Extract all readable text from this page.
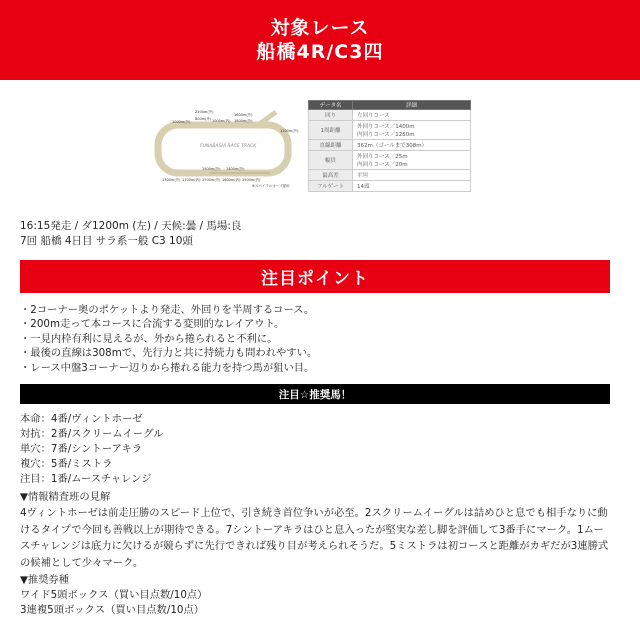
対象レース
船橋4R/C3四
FUNABASHI RACE TRACK
2200m(外)
1000m(外)
800m(外)
1600m(外)
1800m(外)
1000m(内)
1200m(外)
1500m(外) 1400m(外)
1300m(外) 1700m(内) 1700m(外) 1600m(内) 1500m(内)
※スパイラルカーブ採用
データ名	詳細
回り	左回りコース
1周距離	外回りコース／1400m
内回りコース／1250m

直線距離	362m（ゴールまで308m）
幅員	外回りコース／25m
内回りコース／20m

最高差	平坦
フルゲート	14頭
16:15発走 / ダ1200m (左) / 天候:曇 / 馬場:良
7回 船橋 4日目 サラ系一般 C3 10頭
注目ポイント
・2コーナー奥のポケットより発走、外回りを半周するコース。
・200m走って本コースに合流する変則的なレイアウト。
・一見内枠有利に見えるが、外から捲られると不利に。
・最後の直線は308mで、先行力と共に持続力も問われやすい。
・レース中盤3コーナー辺りから捲れる能力を持つ馬が狙い目。
注目☆推奨馬！
本命：4番/ヴィントホーゼ
対抗：2番/スクリームイーグル
単穴：7番/シントーアキラ
複穴：5番/ミストラ
注目：1番/ムースチャレンジ
▼情報精査班の見解

4ヴィントホーゼは前走圧勝のスピード上位で、引き続き首位争いが必至。2スクリームイーグルは詰めひと息でも相手なりに動けるタイプで今回も善戦以上が期待できる。7シントーアキラはひと息入ったが堅実な差し脚を評価して3番手にマーク。1ムースチャレンジは底力に欠けるが競らずに先行できれば残り目が考えられそうだ。5ミストラは初コースと距離がカギだが3連勝式の候補として少々マーク。

▼推奨券種
ワイド5頭ボックス（買い目点数/10点）
3連複5頭ボックス（買い目点数/10点）
